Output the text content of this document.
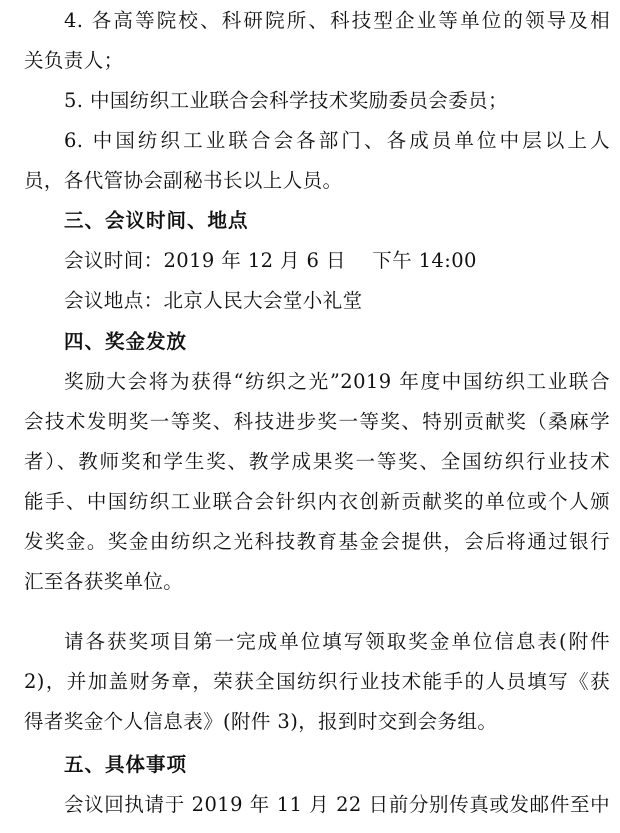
4. 各高等院校、科研院所、科技型企业等单位的领导及相
关负责人；
5. 中国纺织工业联合会科学技术奖励委员会委员；
6. 中国纺织工业联合会各部门、各成员单位中层以上人
员，各代管协会副秘书长以上人员。
三、会议时间、地点
会议时间：2019 年 12 月 6 日    下午 14:00
会议地点：北京人民大会堂小礼堂
四、奖金发放
奖励大会将为获得“纺织之光”2019 年度中国纺织工业联合
会技术发明奖一等奖、科技进步奖一等奖、特别贡献奖（桑麻学
者）、教师奖和学生奖、教学成果奖一等奖、全国纺织行业技术
能手、中国纺织工业联合会针织内衣创新贡献奖的单位或个人颁
发奖金。奖金由纺织之光科技教育基金会提供，会后将通过银行
汇至各获奖单位。
请各获奖项目第一完成单位填写领取奖金单位信息表(附件
2)，并加盖财务章，荣获全国纺织行业技术能手的人员填写《获
得者奖金个人信息表》(附件 3)，报到时交到会务组。
五、具体事项
会议回执请于 2019 年 11 月 22 日前分别传真或发邮件至中
